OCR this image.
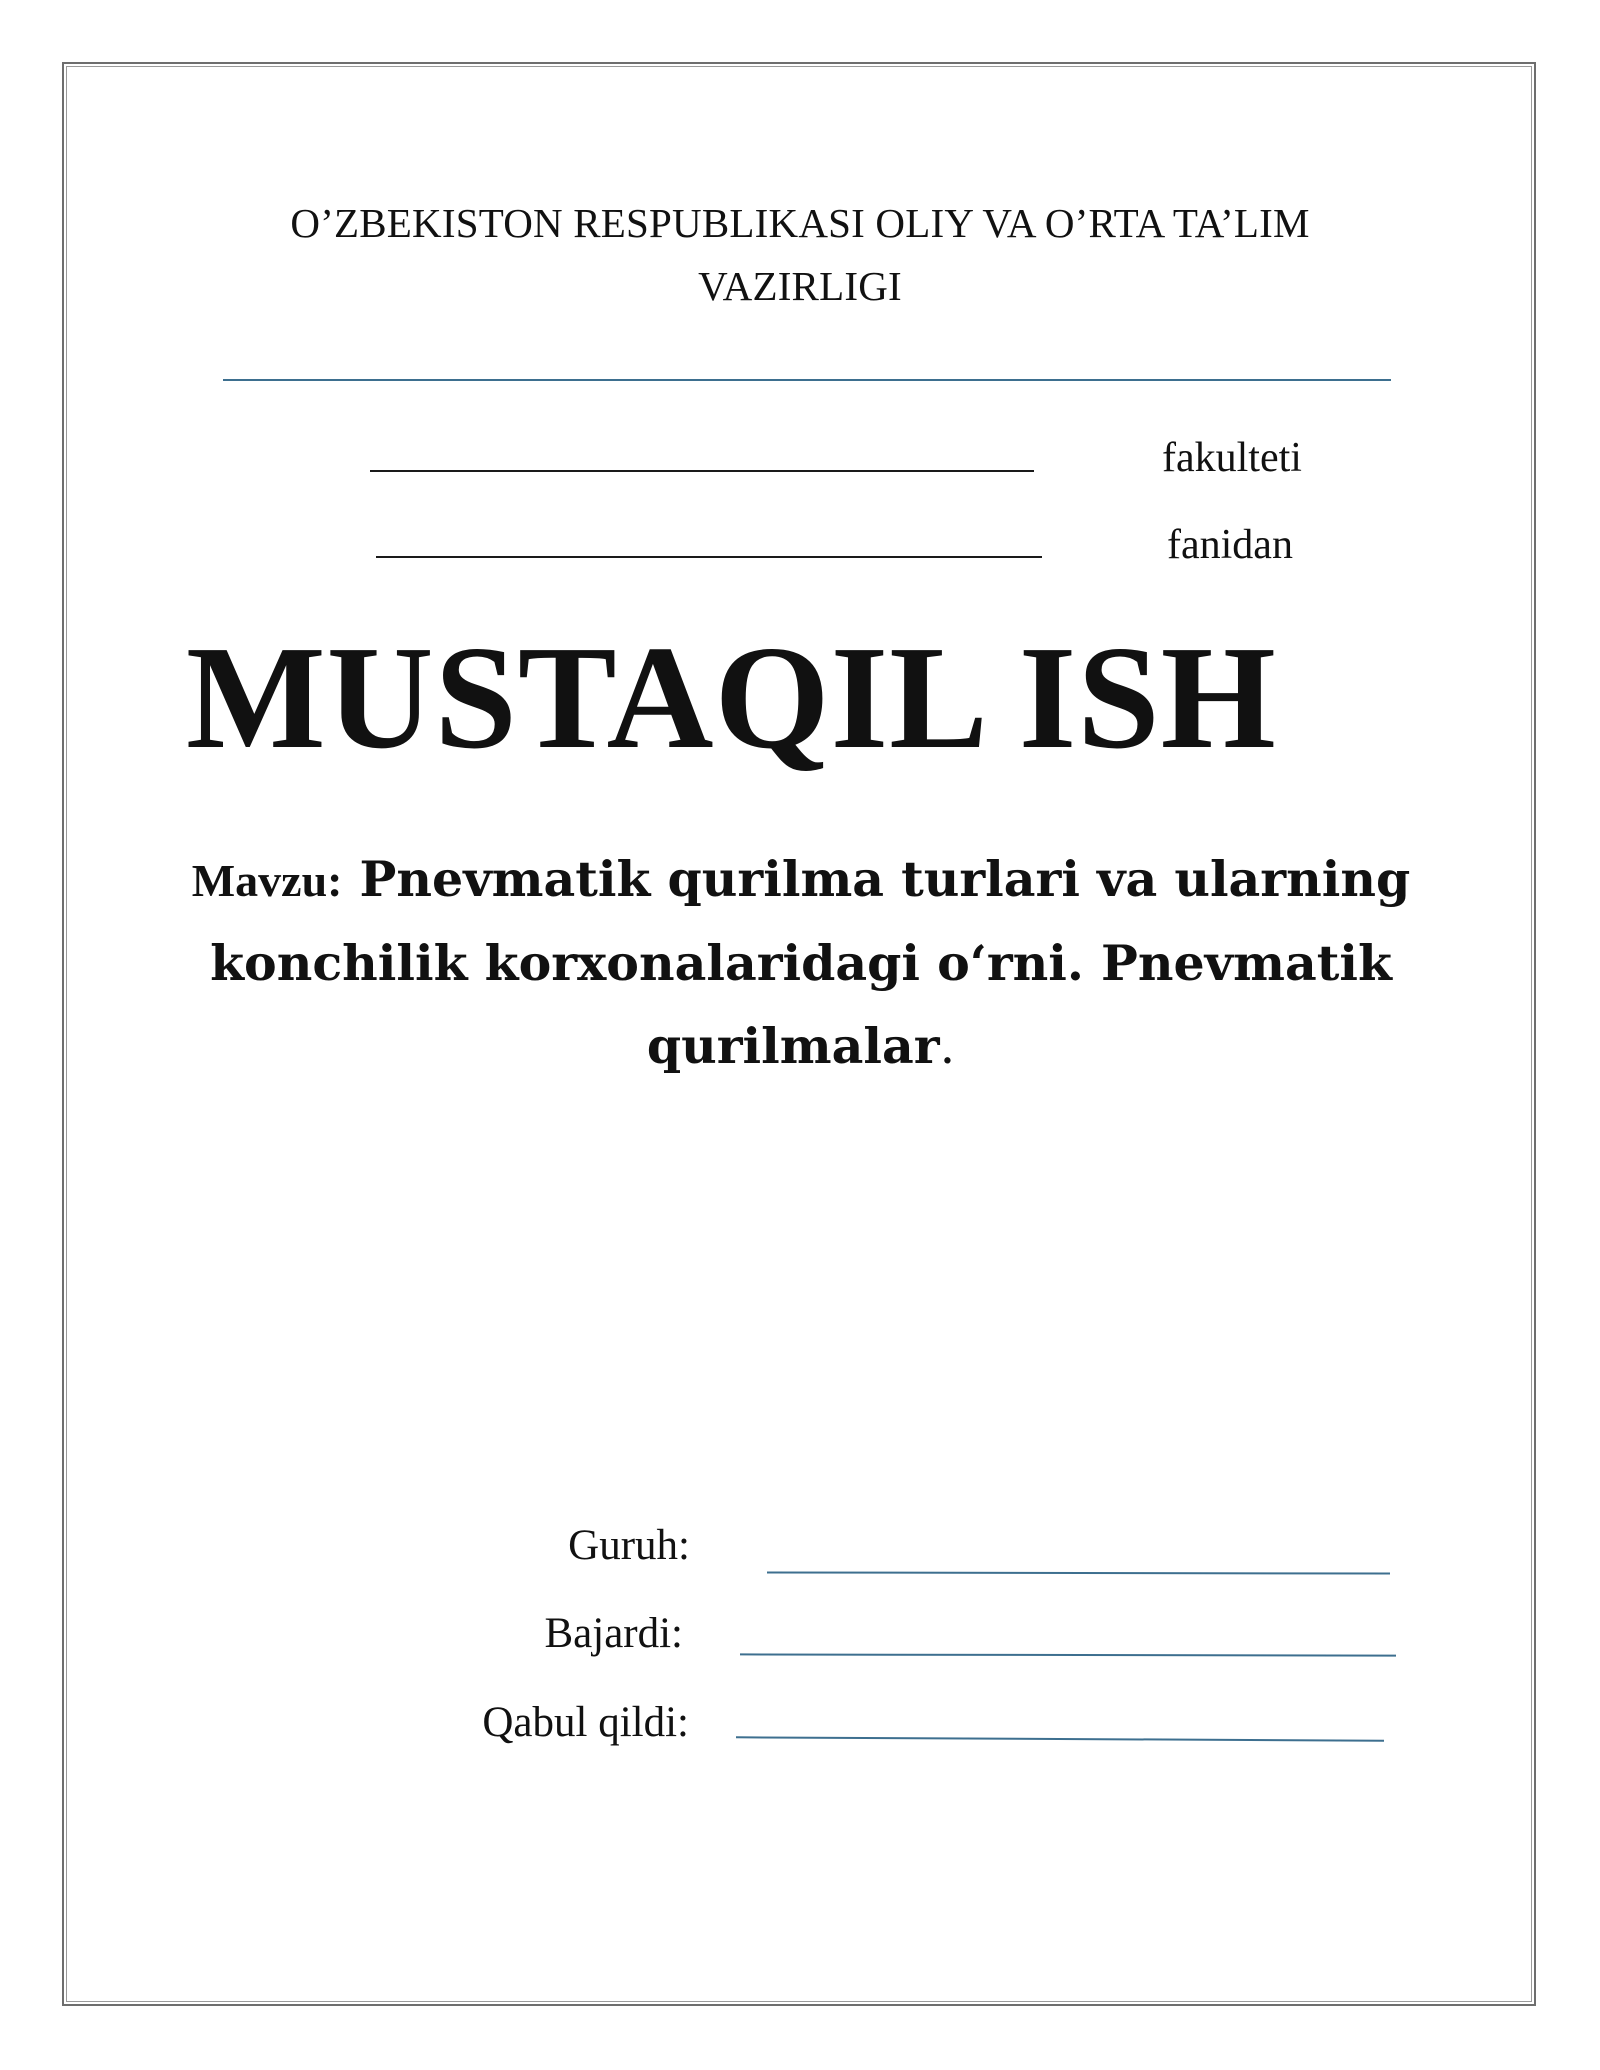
O’ZBEKISTON RESPUBLIKASI OLIY VA O’RTA TA’LIM
VAZIRLIGI
fakulteti
fanidan
MUSTAQIL ISH
Mavzu: Pnevmatik qurilma turlari va ularning konchilik korxonalaridagi o‘rni. Pnevmatik qurilmalar.
Guruh:
Bajardi:
Qabul qildi:
